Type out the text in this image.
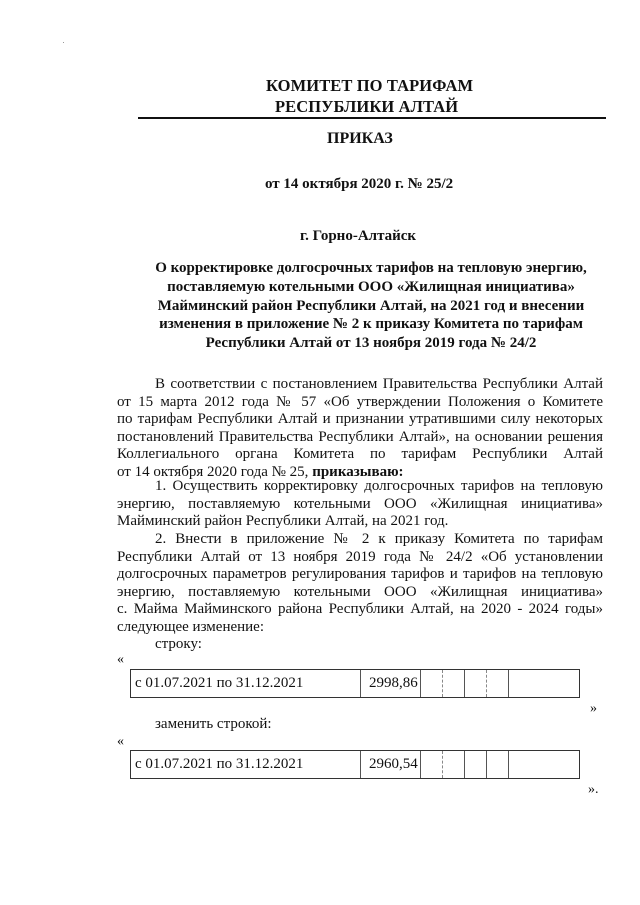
КОМИТЕТ ПО ТАРИФАМ
РЕСПУБЛИКИ АЛТАЙ
ПРИКАЗ
от 14 октября 2020 г. № 25/2
г. Горно-Алтайск
О корректировке долгосрочных тарифов на тепловую энергию,
поставляемую котельными ООО «Жилищная инициатива»
Майминский район Республики Алтай, на 2021 год и внесении
изменения в приложение № 2 к приказу Комитета по тарифам
Республики Алтай от 13 ноября 2019 года № 24/2
В соответствии с постановлением Правительства Республики Алтай
от 15 марта 2012 года № 57 «Об утверждении Положения о Комитете
по тарифам Республики Алтай и признании утратившими силу некоторых
постановлений Правительства Республики Алтай», на основании решения
Коллегиального органа Комитета по тарифам Республики Алтай
от 14 октября 2020 года № 25, приказываю:
1. Осуществить корректировку долгосрочных тарифов на тепловую
энергию, поставляемую котельными ООО «Жилищная инициатива»
Майминский район Республики Алтай, на 2021 год.
2. Внести в приложение № 2 к приказу Комитета по тарифам
Республики Алтай от 13 ноября 2019 года № 24/2 «Об установлении
долгосрочных параметров регулирования тарифов и тарифов на тепловую
энергию, поставляемую котельными ООО «Жилищная инициатива»
с. Майма Майминского района Республики Алтай, на 2020 - 2024 годы»
следующее изменение:
строку:
«
с 01.07.2021 по 31.12.2021	2998,86
»
заменить строкой:
«
с 01.07.2021 по 31.12.2021	2960,54
».
